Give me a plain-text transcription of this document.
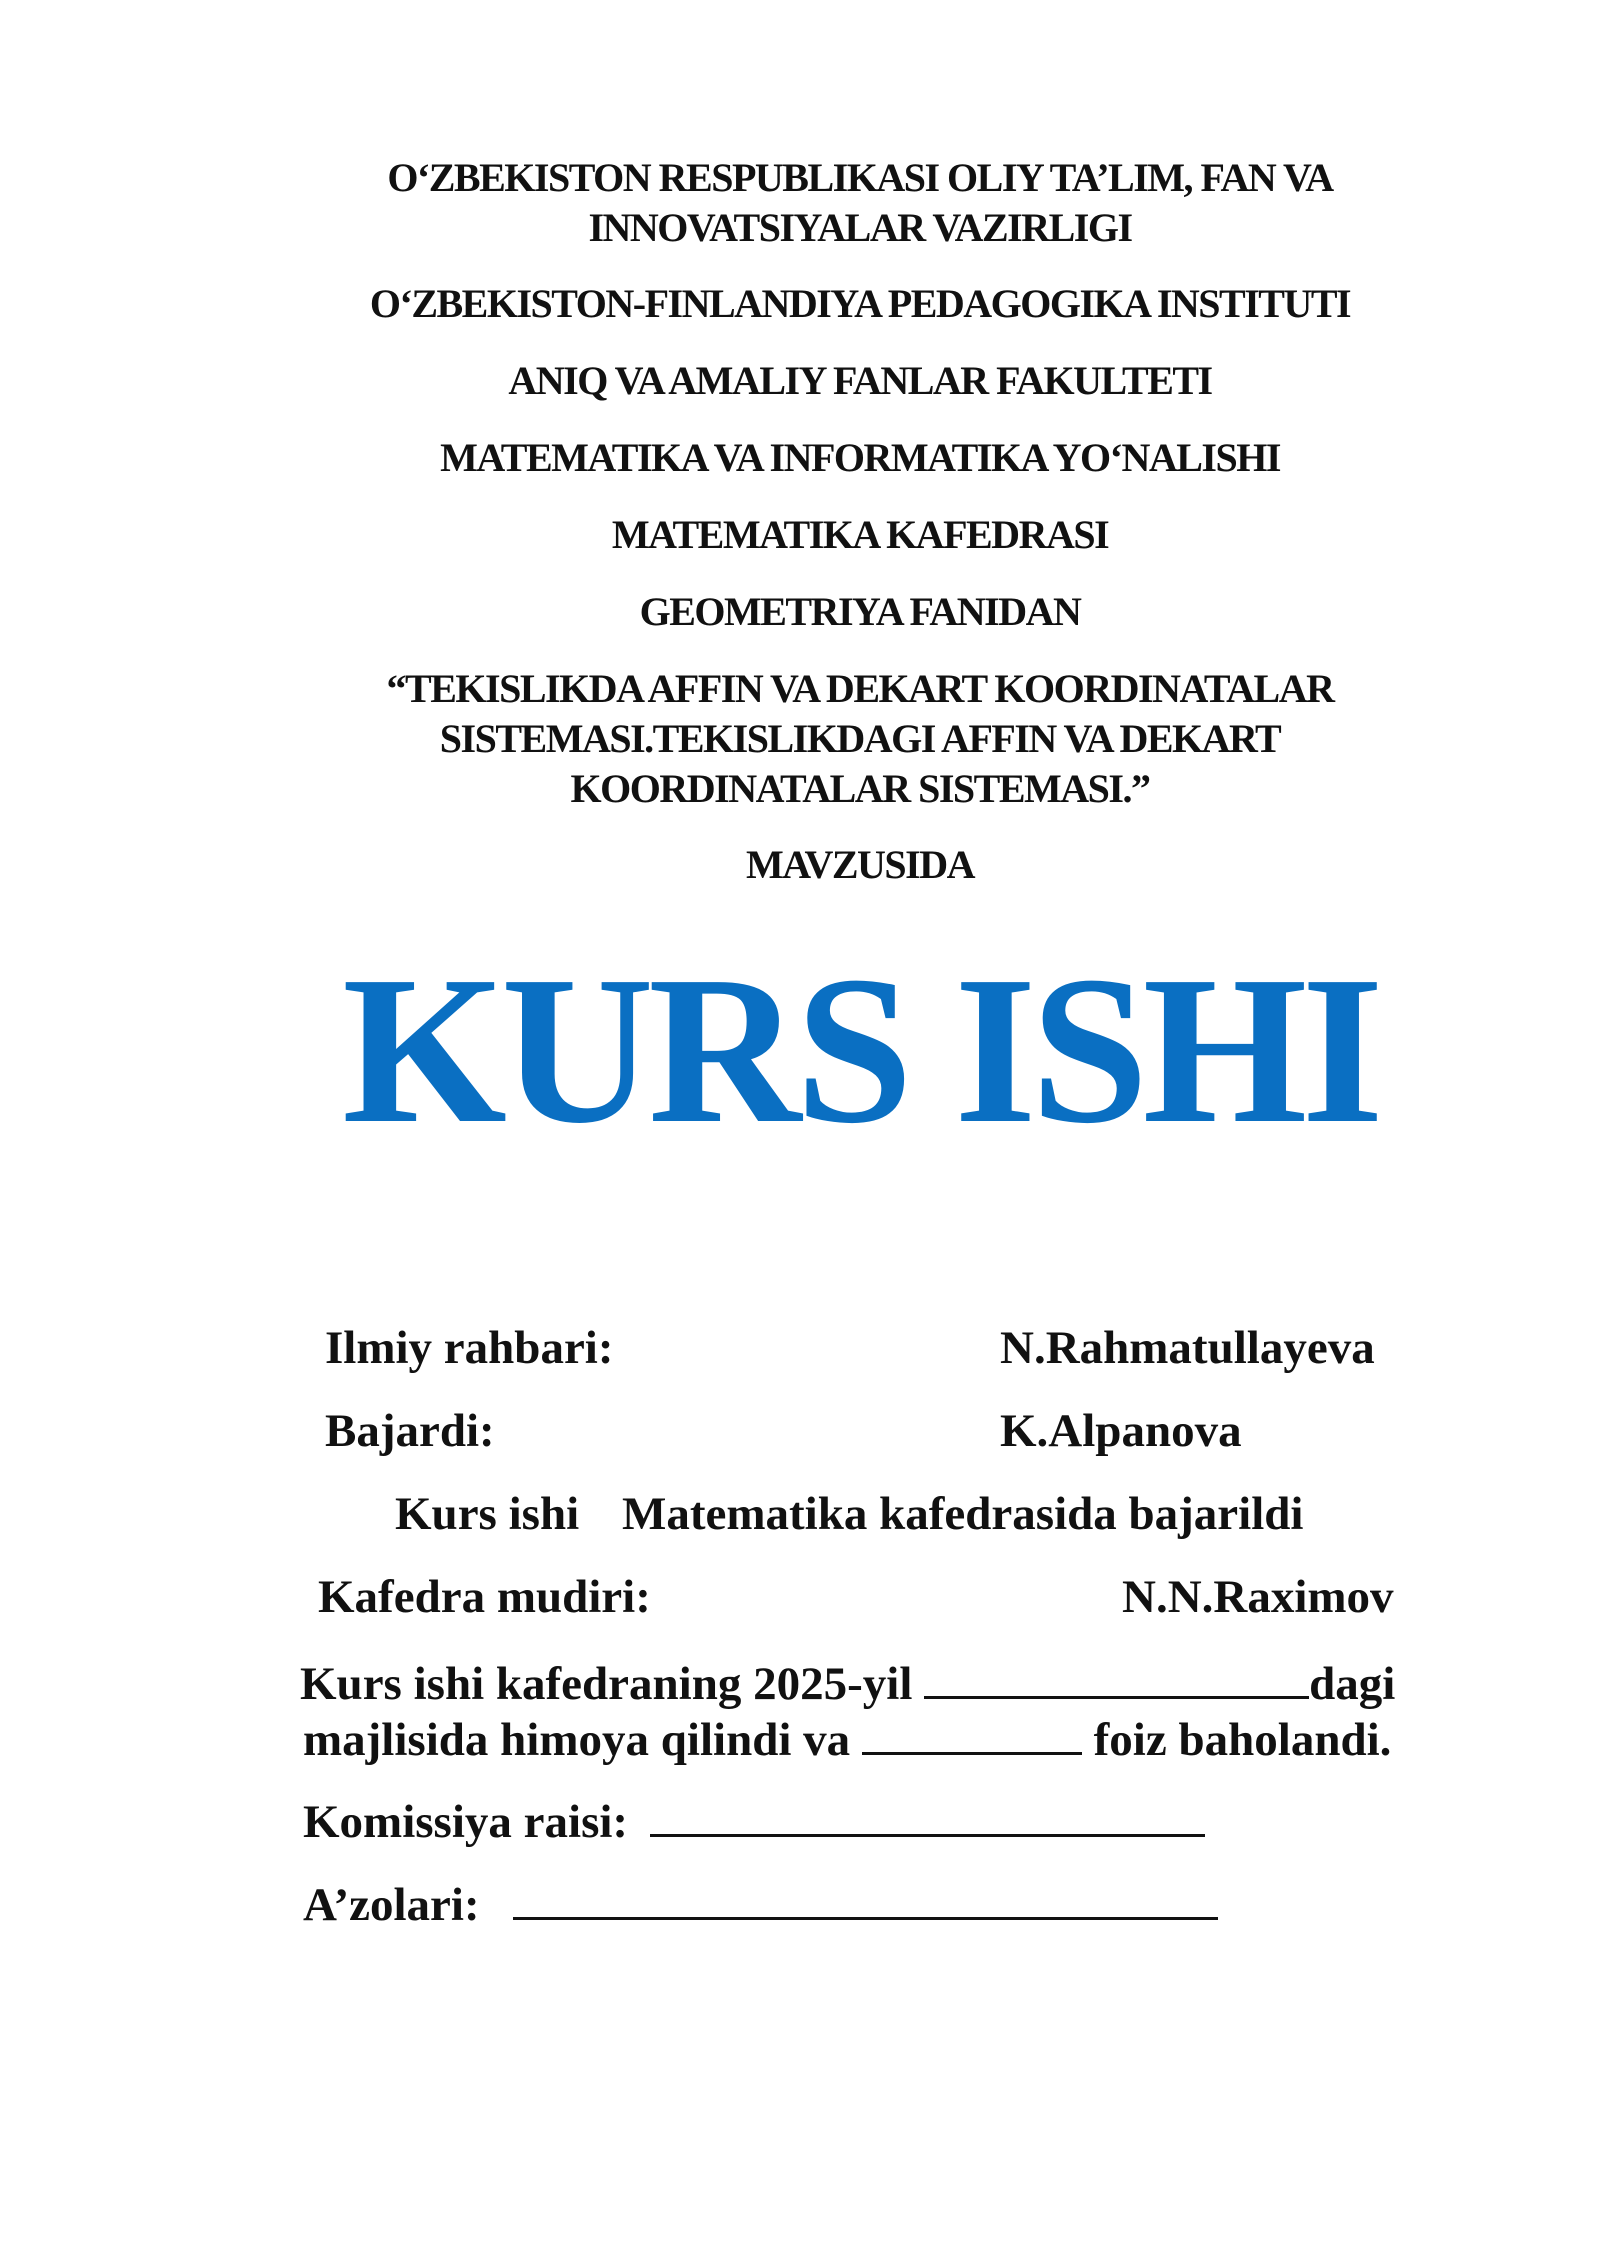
O‘ZBEKISTON RESPUBLIKASI OLIY TA’LIM, FAN VA
INNOVATSIYALAR VAZIRLIGI
O‘ZBEKISTON-FINLANDIYA PEDAGOGIKA INSTITUTI
ANIQ VA AMALIY FANLAR FAKULTETI
MATEMATIKA VA INFORMATIKA YO‘NALISHI
MATEMATIKA KAFEDRASI
GEOMETRIYA FANIDAN
“TEKISLIKDA AFFIN VA DEKART KOORDINATALAR
SISTEMASI.TEKISLIKDAGI AFFIN VA DEKART
KOORDINATALAR SISTEMASI.”
MAVZUSIDA
KURS ISHI
Ilmiy rahbari:	N.Rahmatullayeva
Bajardi:	K.Alpanova
Kurs ishi Matematika kafedrasida bajarildi
Kafedra mudiri:	N.N.Raximov
Kurs ishi kafedraning 2025-yil	dagi
majlisida himoya qilindi va	foiz baholandi.
Komissiya raisi:
A’zolari:
